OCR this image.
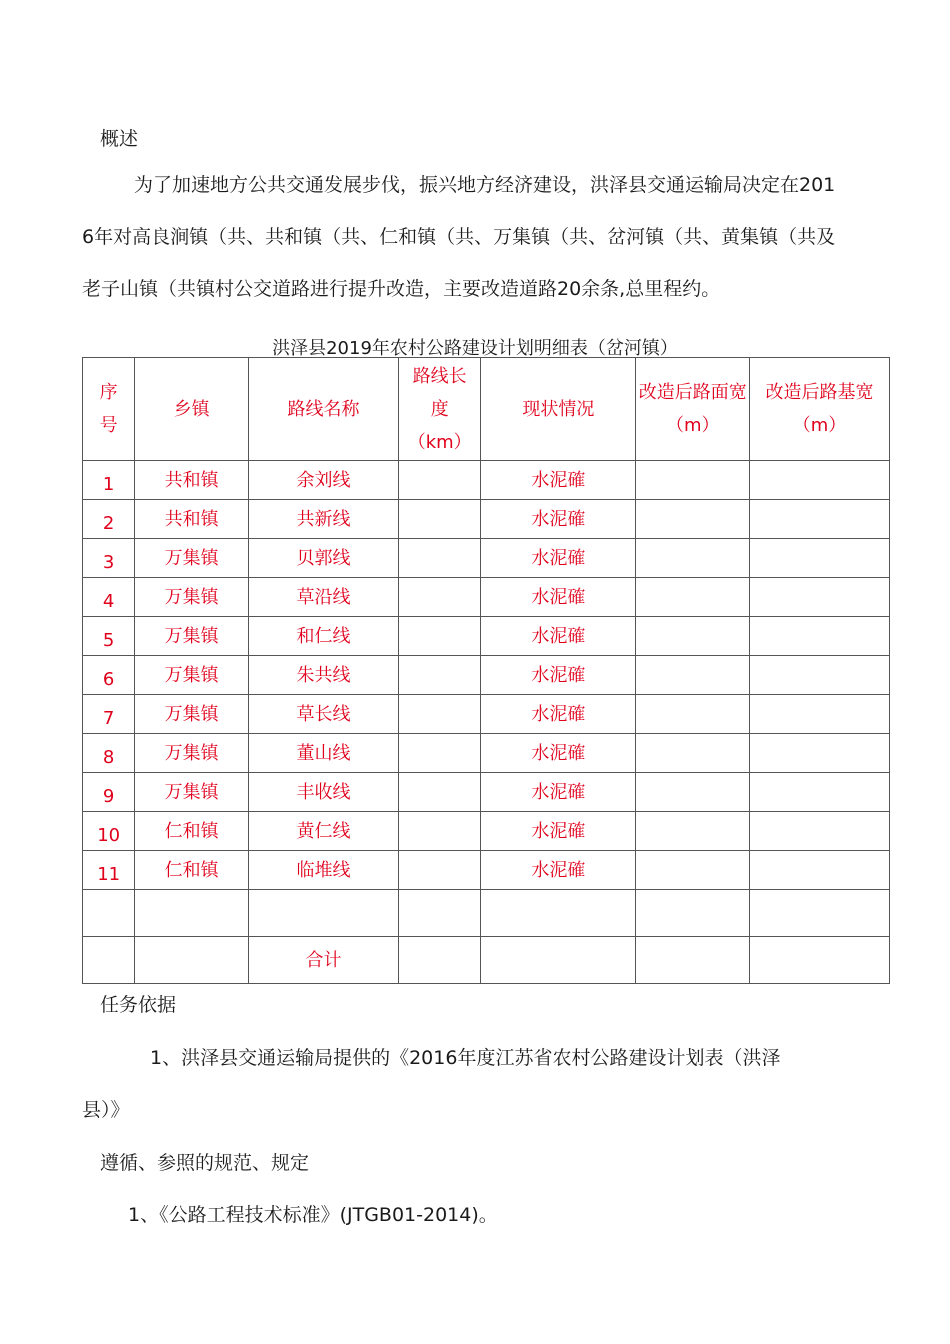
概述
为了加速地方公共交通发展步伐，振兴地方经济建设，洪泽县交通运输局决定在201
6年对高良涧镇（共、共和镇（共、仁和镇（共、万集镇（共、岔河镇（共、黄集镇（共及
老子山镇（共镇村公交道路进行提升改造，主要改造道路20余条,总里程约。
洪泽县2019年农村公路建设计划明细表（岔河镇）
序号	乡镇	路线名称	路线长度（km）	现状情况	改造后路面宽（m）	改造后路基宽（m）
1	共和镇	余刘线		水泥確		
2	共和镇	共新线		水泥確		
3	万集镇	贝郭线		水泥確		
4	万集镇	草沿线		水泥確		
5	万集镇	和仁线		水泥確		
6	万集镇	朱共线		水泥確		
7	万集镇	草长线		水泥確		
8	万集镇	董山线		水泥確		
9	万集镇	丰收线		水泥確		
10	仁和镇	黄仁线		水泥確		
11	仁和镇	临堆线		水泥確		

		合计				
任务依据
1、洪泽县交通运输局提供的《2016年度江苏省农村公路建设计划表（洪泽
县）》
遵循、参照的规范、规定
1、《公路工程技术标准》(JTGB01-2014)。
